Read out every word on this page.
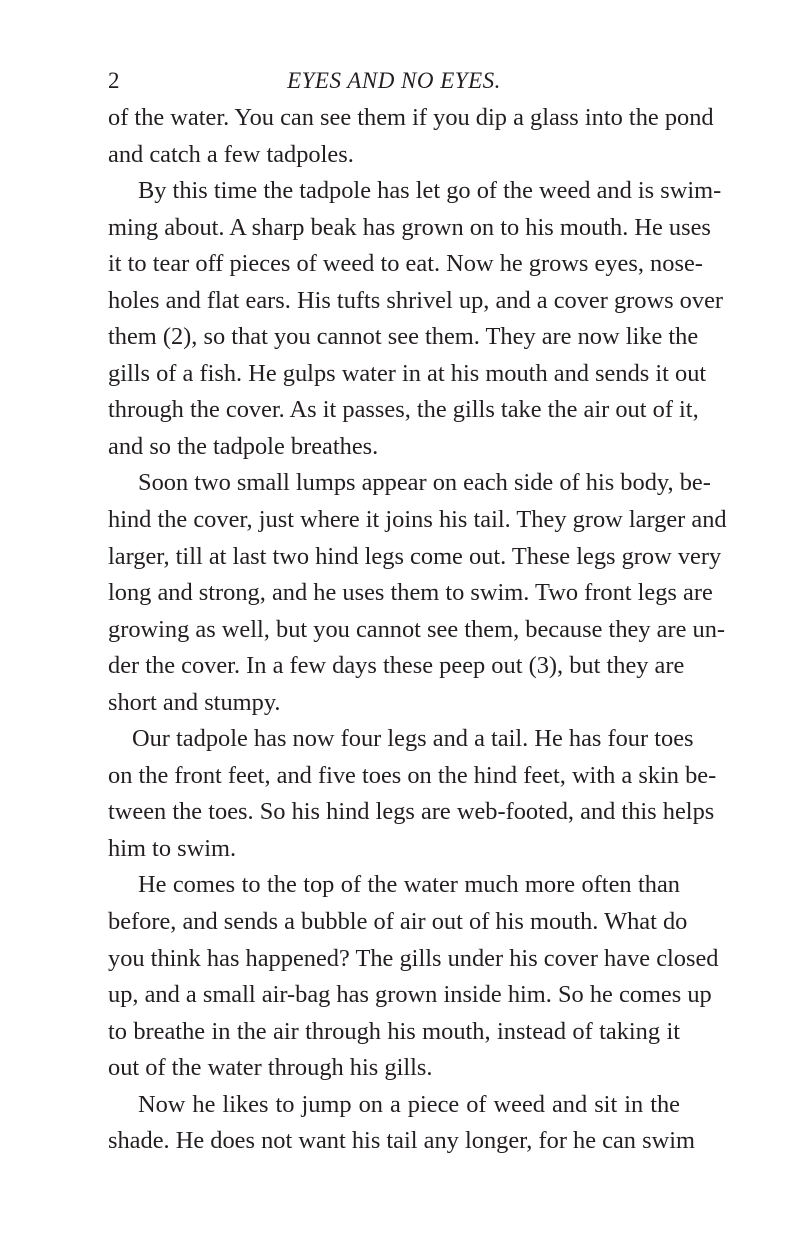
2	EYES AND NO EYES.

of the water. You can see them if you dip a glass into the pond
and catch a few tadpoles.

By this time the tadpole has let go of the weed and is swim-
ming about. A sharp beak has grown on to his mouth. He uses
it to tear off pieces of weed to eat. Now he grows eyes, nose-
holes and flat ears. His tufts shrivel up, and a cover grows over
them (2), so that you cannot see them. They are now like the
gills of a fish. He gulps water in at his mouth and sends it out
through the cover. As it passes, the gills take the air out of it,
and so the tadpole breathes.

Soon two small lumps appear on each side of his body, be-
hind the cover, just where it joins his tail. They grow larger and
larger, till at last two hind legs come out. These legs grow very
long and strong, and he uses them to swim. Two front legs are
growing as well, but you cannot see them, because they are un-
der the cover. In a few days these peep out (3), but they are
short and stumpy.

Our tadpole has now four legs and a tail. He has four toes
on the front feet, and five toes on the hind feet, with a skin be-
tween the toes. So his hind legs are web-footed, and this helps
him to swim.

He comes to the top of the water much more often than
before, and sends a bubble of air out of his mouth. What do
you think has happened? The gills under his cover have closed
up, and a small air-bag has grown inside him. So he comes up
to breathe in the air through his mouth, instead of taking it
out of the water through his gills.

Now he likes to jump on a piece of weed and sit in the
shade. He does not want his tail any longer, for he can swim
